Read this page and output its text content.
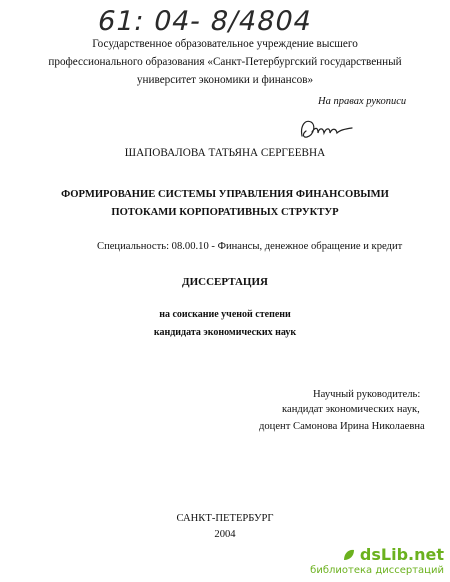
61: 04- 8/4804
Государственное образовательное учреждение высшего
профессионального образования «Санкт-Петербургский государственный
университет экономики и финансов»
На правах рукописи
ШАПОВАЛОВА ТАТЬЯНА СЕРГЕЕВНА
ФОРМИРОВАНИЕ СИСТЕМЫ УПРАВЛЕНИЯ ФИНАНСОВЫМИ
ПОТОКАМИ КОРПОРАТИВНЫХ СТРУКТУР
Специальность: 08.00.10 - Финансы, денежное обращение и кредит
ДИССЕРТАЦИЯ
на соискание ученой степени
кандидата экономических наук
Научный руководитель:
кандидат экономических наук,
доцент Самонова Ирина Николаевна
САНКТ-ПЕТЕРБУРГ
2004
dsLib.net
библиотека диссертаций
